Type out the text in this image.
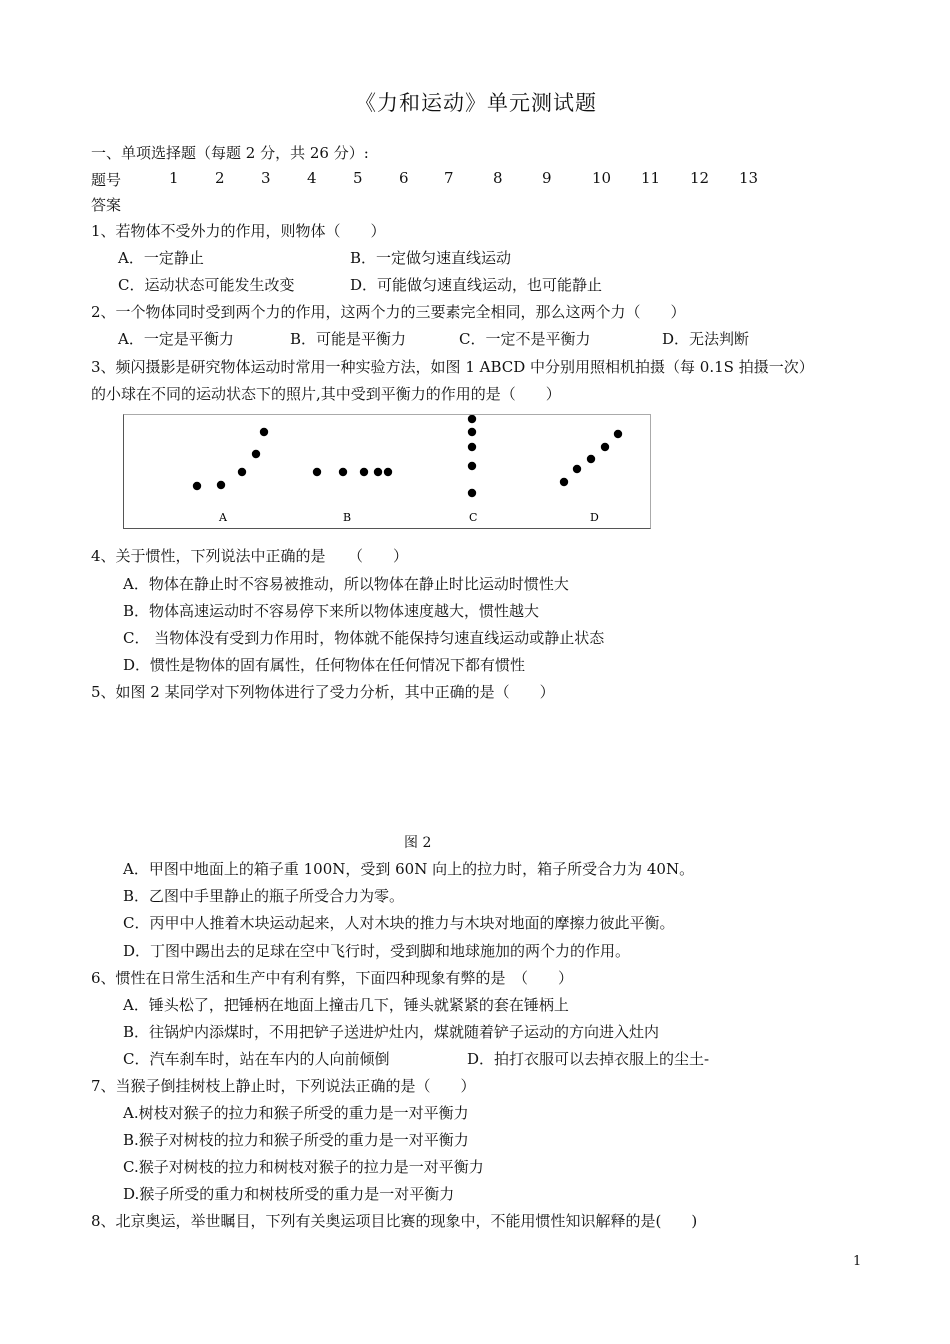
《力和运动》单元测试题
一、单项选择题（每题 2 分，共 26 分）:
题号	1 2 3 4 5 6 7	8	9	10 11 12 13
答案
1、若物体不受外力的作用，则物体（　　）
A．一定静止	B．一定做匀速直线运动
C．运动状态可能发生改变	D．可能做匀速直线运动，也可能静止
2、一个物体同时受到两个力的作用，这两个力的三要素完全相同，那么这两个力（　　）
A．一定是平衡力	B．可能是平衡力	C．一定不是平衡力	D．无法判断
3、频闪摄影是研究物体运动时常用一种实验方法，如图 1 ABCD 中分别用照相机拍摄（每 0.1S 拍摄一次）
的小球在不同的运动状态下的照片,其中受到平衡力的作用的是（　　）
A	B	C	D
4、关于惯性，下列说法中正确的是　　（　　）
A．物体在静止时不容易被推动，所以物体在静止时比运动时惯性大
B．物体高速运动时不容易停下来所以物体速度越大，惯性越大
C． 当物体没有受到力作用时，物体就不能保持匀速直线运动或静止状态
D．惯性是物体的固有属性，任何物体在任何情况下都有惯性
5、如图 2 某同学对下列物体进行了受力分析，其中正确的是（　　）
图 2
A．甲图中地面上的箱子重 100N，受到 60N 向上的拉力时，箱子所受合力为 40N。
B．乙图中手里静止的瓶子所受合力为零。
C．丙甲中人推着木块运动起来，人对木块的推力与木块对地面的摩擦力彼此平衡。
D．丁图中踢出去的足球在空中飞行时，受到脚和地球施加的两个力的作用。
6、惯性在日常生活和生产中有利有弊，下面四种现象有弊的是　（　　）
A．锤头松了，把锤柄在地面上撞击几下，锤头就紧紧的套在锤柄上
B．往锅炉内添煤时，不用把铲子送进炉灶内，煤就随着铲子运动的方向进入灶内
C．汽车刹车时，站在车内的人向前倾倒	D．拍打衣服可以去掉衣服上的尘土-
7、当猴子倒挂树枝上静止时，下列说法正确的是（　　）
A.树枝对猴子的拉力和猴子所受的重力是一对平衡力
B.猴子对树枝的拉力和猴子所受的重力是一对平衡力
C.猴子对树枝的拉力和树枝对猴子的拉力是一对平衡力
D.猴子所受的重力和树枝所受的重力是一对平衡力
8、北京奥运，举世瞩目，下列有关奥运项目比赛的现象中，不能用惯性知识解释的是(　　)
1
